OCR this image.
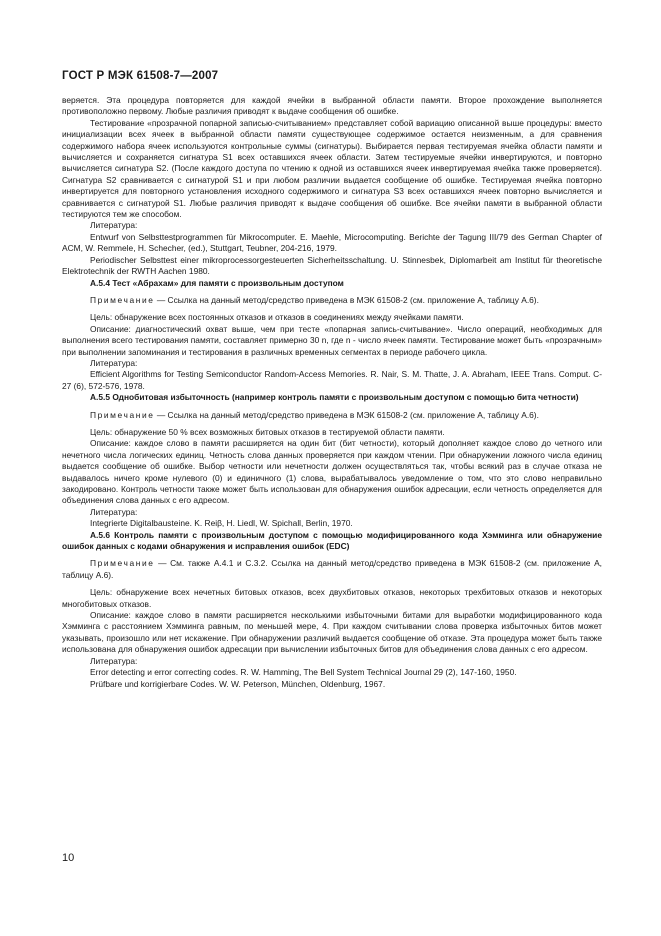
ГОСТ Р МЭК 61508-7—2007

веряется. Эта процедура повторяется для каждой ячейки в выбранной области памяти. Второе прохождение выполняется противоположно первому. Любые различия приводят к выдаче сообщения об ошибке.

Тестирование «прозрачной попарной записью-считыванием» представляет собой вариацию описанной выше процедуры: вместо инициализации всех ячеек в выбранной области памяти существующее содержимое остается неизменным, а для сравнения содержимого набора ячеек используются контрольные суммы (сигнатуры). Выбирается первая тестируемая ячейка области памяти и вычисляется и сохраняется сигнатура S1 всех оставшихся ячеек области. Затем тестируемые ячейки инвертируются, и повторно вычисляется сигнатура S2. (После каждого доступа по чтению к одной из оставшихся ячеек инвертируемая ячейка также проверяется). Сигнатура S2 сравнивается с сигнатурой S1 и при любом различии выдается сообщение об ошибке. Тестируемая ячейка повторно инвертируется для повторного установления исходного содержимого и сигнатура S3 всех оставшихся ячеек повторно вычисляется и сравнивается с сигнатурой S1. Любые различия приводят к выдаче сообщения об ошибке. Все ячейки памяти в выбранной области тестируются тем же способом.

Литература:

Entwurf von Selbsttestprogrammen für Mikrocomputer. E. Maehle, Microcomputing. Berichte der Tagung III/79 des German Chapter of ACM, W. Remmele, H. Schecher, (ed.), Stuttgart, Teubner, 204-216, 1979.

Periodischer Selbsttest einer mikroprocessorgesteuerten Sicherheitsschaltung. U. Stinnesbek, Diplomarbeit am Institut für theoretische Elektrotechnik der RWTH Aachen 1980.

А.5.4 Тест «Абрахам» для памяти с произвольным доступом

Примечание — Ссылка на данный метод/средство приведена в МЭК 61508-2 (см. приложение А, таблицу А.6).

Цель: обнаружение всех постоянных отказов и отказов в соединениях между ячейками памяти.

Описание: диагностический охват выше, чем при тесте «попарная запись-считывание». Число операций, необходимых для выполнения всего тестирования памяти, составляет примерно 30 n, где n - число ячеек памяти. Тестирование может быть «прозрачным» при выполнении запоминания и тестирования в различных временных сегментах в периоде рабочего цикла.

Литература:

Efficient Algorithms for Testing Semiconductor Random-Access Memories. R. Nair, S. M. Thatte, J. A. Abraham, IEEE Trans. Comput. C-27 (6), 572-576, 1978.

А.5.5 Однобитовая избыточность (например контроль памяти с произвольным доступом с помощью бита четности)

Примечание — Ссылка на данный метод/средство приведена в МЭК 61508-2 (см. приложение А, таблицу А.6).

Цель: обнаружение 50 % всех возможных битовых отказов в тестируемой области памяти.

Описание: каждое слово в памяти расширяется на один бит (бит четности), который дополняет каждое слово до четного или нечетного числа логических единиц. Четность слова данных проверяется при каждом чтении. При обнаружении ложного числа единиц выдается сообщение об ошибке. Выбор четности или нечетности должен осуществляться так, чтобы всякий раз в случае отказа не выдавалось ничего кроме нулевого (0) и единичного (1) слова, вырабатывалось уведомление о том, что это слово неправильно закодировано. Контроль четности также может быть использован для обнаружения ошибок адресации, если четность определяется для объединения слова данных с его адресом.

Литература:

Integrierte Digitalbausteine. K. Reiβ, H. Liedl, W. Spichall, Berlin, 1970.

А.5.6 Контроль памяти с произвольным доступом с помощью модифицированного кода Хэмминга или обнаружение ошибок данных с кодами обнаружения и исправления ошибок (EDC)

Примечание — См. также А.4.1 и С.3.2. Ссылка на данный метод/средство приведена в МЭК 61508-2 (см. приложение А, таблицу А.6).

Цель: обнаружение всех нечетных битовых отказов, всех двухбитовых отказов, некоторых трехбитовых отказов и некоторых многобитовых отказов.

Описание: каждое слово в памяти расширяется несколькими избыточными битами для выработки модифицированного кода Хэмминга с расстоянием Хэмминга равным, по меньшей мере, 4. При каждом считывании слова проверка избыточных битов может указывать, произошло или нет искажение. При обнаружении различий выдается сообщение об отказе. Эта процедура может быть также использована для обнаружения ошибок адресации при вычислении избыточных битов для объединения слова данных с его адресом.

Литература:

Error detecting и error correcting codes. R. W. Hamming, The Bell System Technical Journal 29 (2), 147-160, 1950.

Prüfbare und korrigierbare Codes. W. W. Peterson, München, Oldenburg, 1967.

10
